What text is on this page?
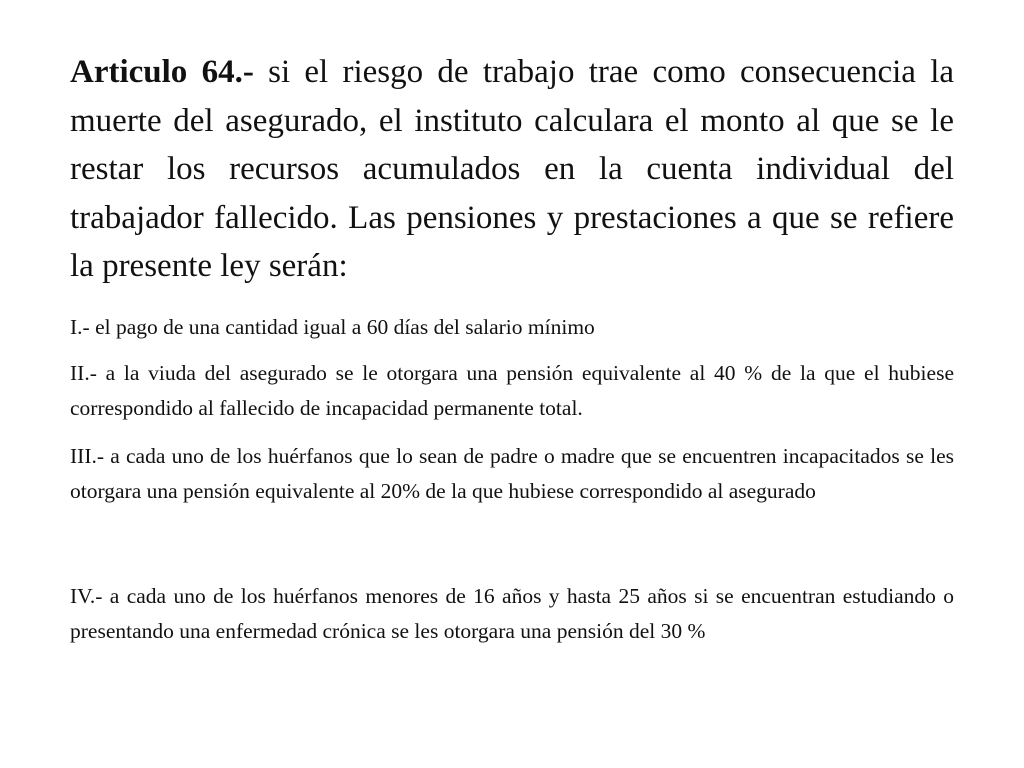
Articulo 64.- si el riesgo de trabajo trae como consecuencia la muerte del asegurado, el instituto calculara el monto al que se le restar los recursos acumulados en la cuenta individual del trabajador fallecido. Las pensiones y prestaciones a que se refiere la presente ley serán:

I.- el pago de una cantidad igual a 60 días del salario mínimo

II.- a la viuda del asegurado se le otorgara una pensión equivalente al 40 % de la que el hubiese correspondido al fallecido de incapacidad permanente total.

III.- a cada uno de los huérfanos que lo sean de padre o madre que se encuentren incapacitados se les otorgara una pensión equivalente al 20% de la que hubiese correspondido al asegurado

IV.- a cada uno de los huérfanos menores de 16 años y hasta 25 años si se encuentran estudiando o presentando una enfermedad crónica se les otorgara una pensión del 30 %
